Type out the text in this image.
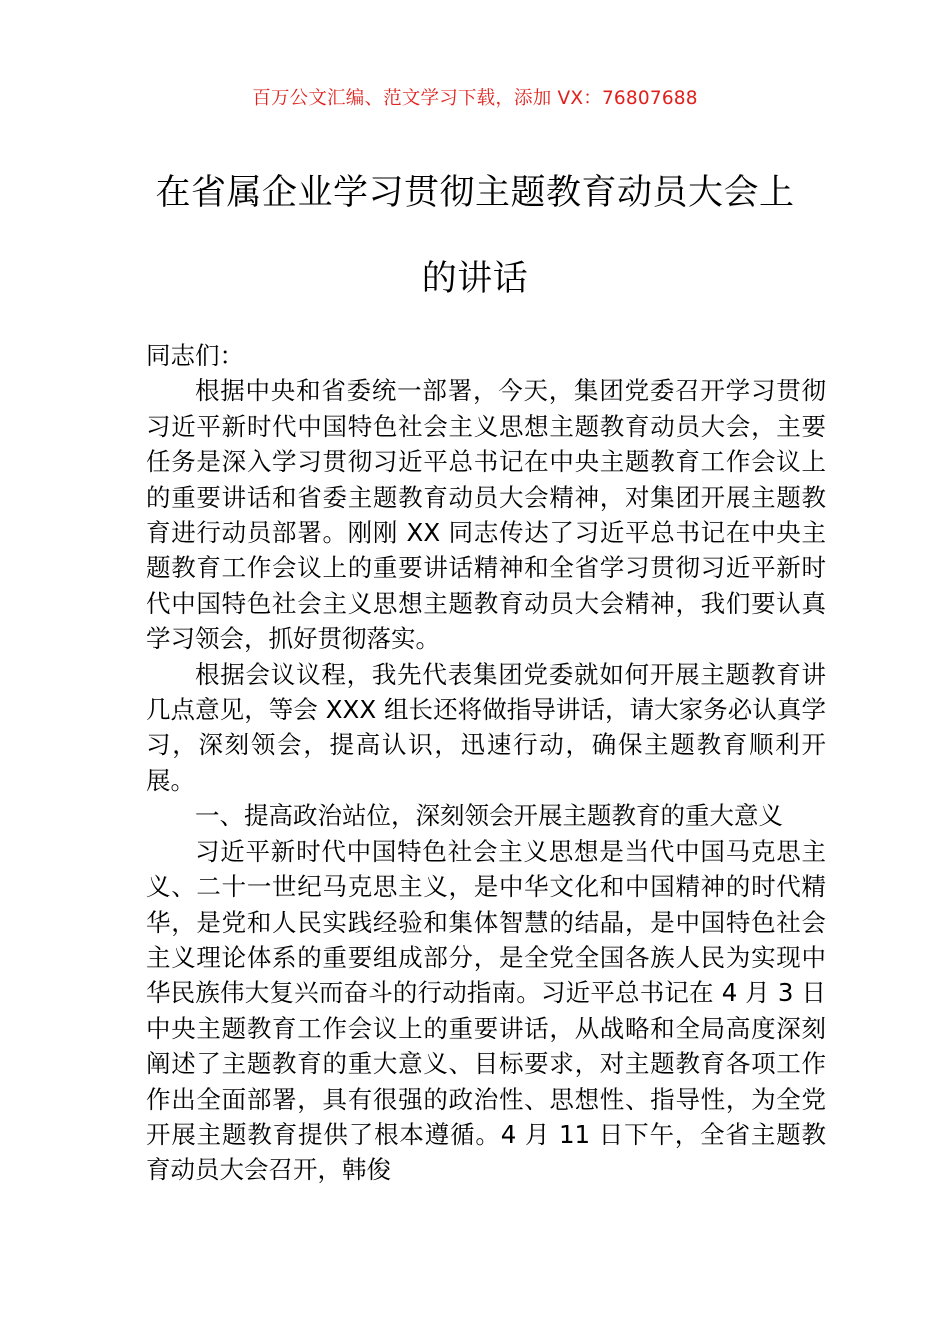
百万公文汇编、范文学习下载，添加 VX：76807688
在省属企业学习贯彻主题教育动员大会上
的讲话

同志们：

根据中央和省委统一部署，今天，集团党委召开学习贯彻习近平新时代中国特色社会主义思想主题教育动员大会，主要任务是深入学习贯彻习近平总书记在中央主题教育工作会议上的重要讲话和省委主题教育动员大会精神，对集团开展主题教育进行动员部署。刚刚 XX 同志传达了习近平总书记在中央主题教育工作会议上的重要讲话精神和全省学习贯彻习近平新时代中国特色社会主义思想主题教育动员大会精神，我们要认真学习领会，抓好贯彻落实。

根据会议议程，我先代表集团党委就如何开展主题教育讲几点意见，等会 XXX 组长还将做指导讲话，请大家务必认真学习，深刻领会，提高认识，迅速行动，确保主题教育顺利开展。

一、提高政治站位，深刻领会开展主题教育的重大意义

习近平新时代中国特色社会主义思想是当代中国马克思主义、二十一世纪马克思主义，是中华文化和中国精神的时代精华，是党和人民实践经验和集体智慧的结晶，是中国特色社会主义理论体系的重要组成部分，是全党全国各族人民为实现中华民族伟大复兴而奋斗的行动指南。习近平总书记在 4 月 3 日中央主题教育工作会议上的重要讲话，从战略和全局高度深刻阐述了主题教育的重大意义、目标要求，对主题教育各项工作作出全面部署，具有很强的政治性、思想性、指导性，为全党开展主题教育提供了根本遵循。4 月 11 日下午，全省主题教育动员大会召开，韩俊
